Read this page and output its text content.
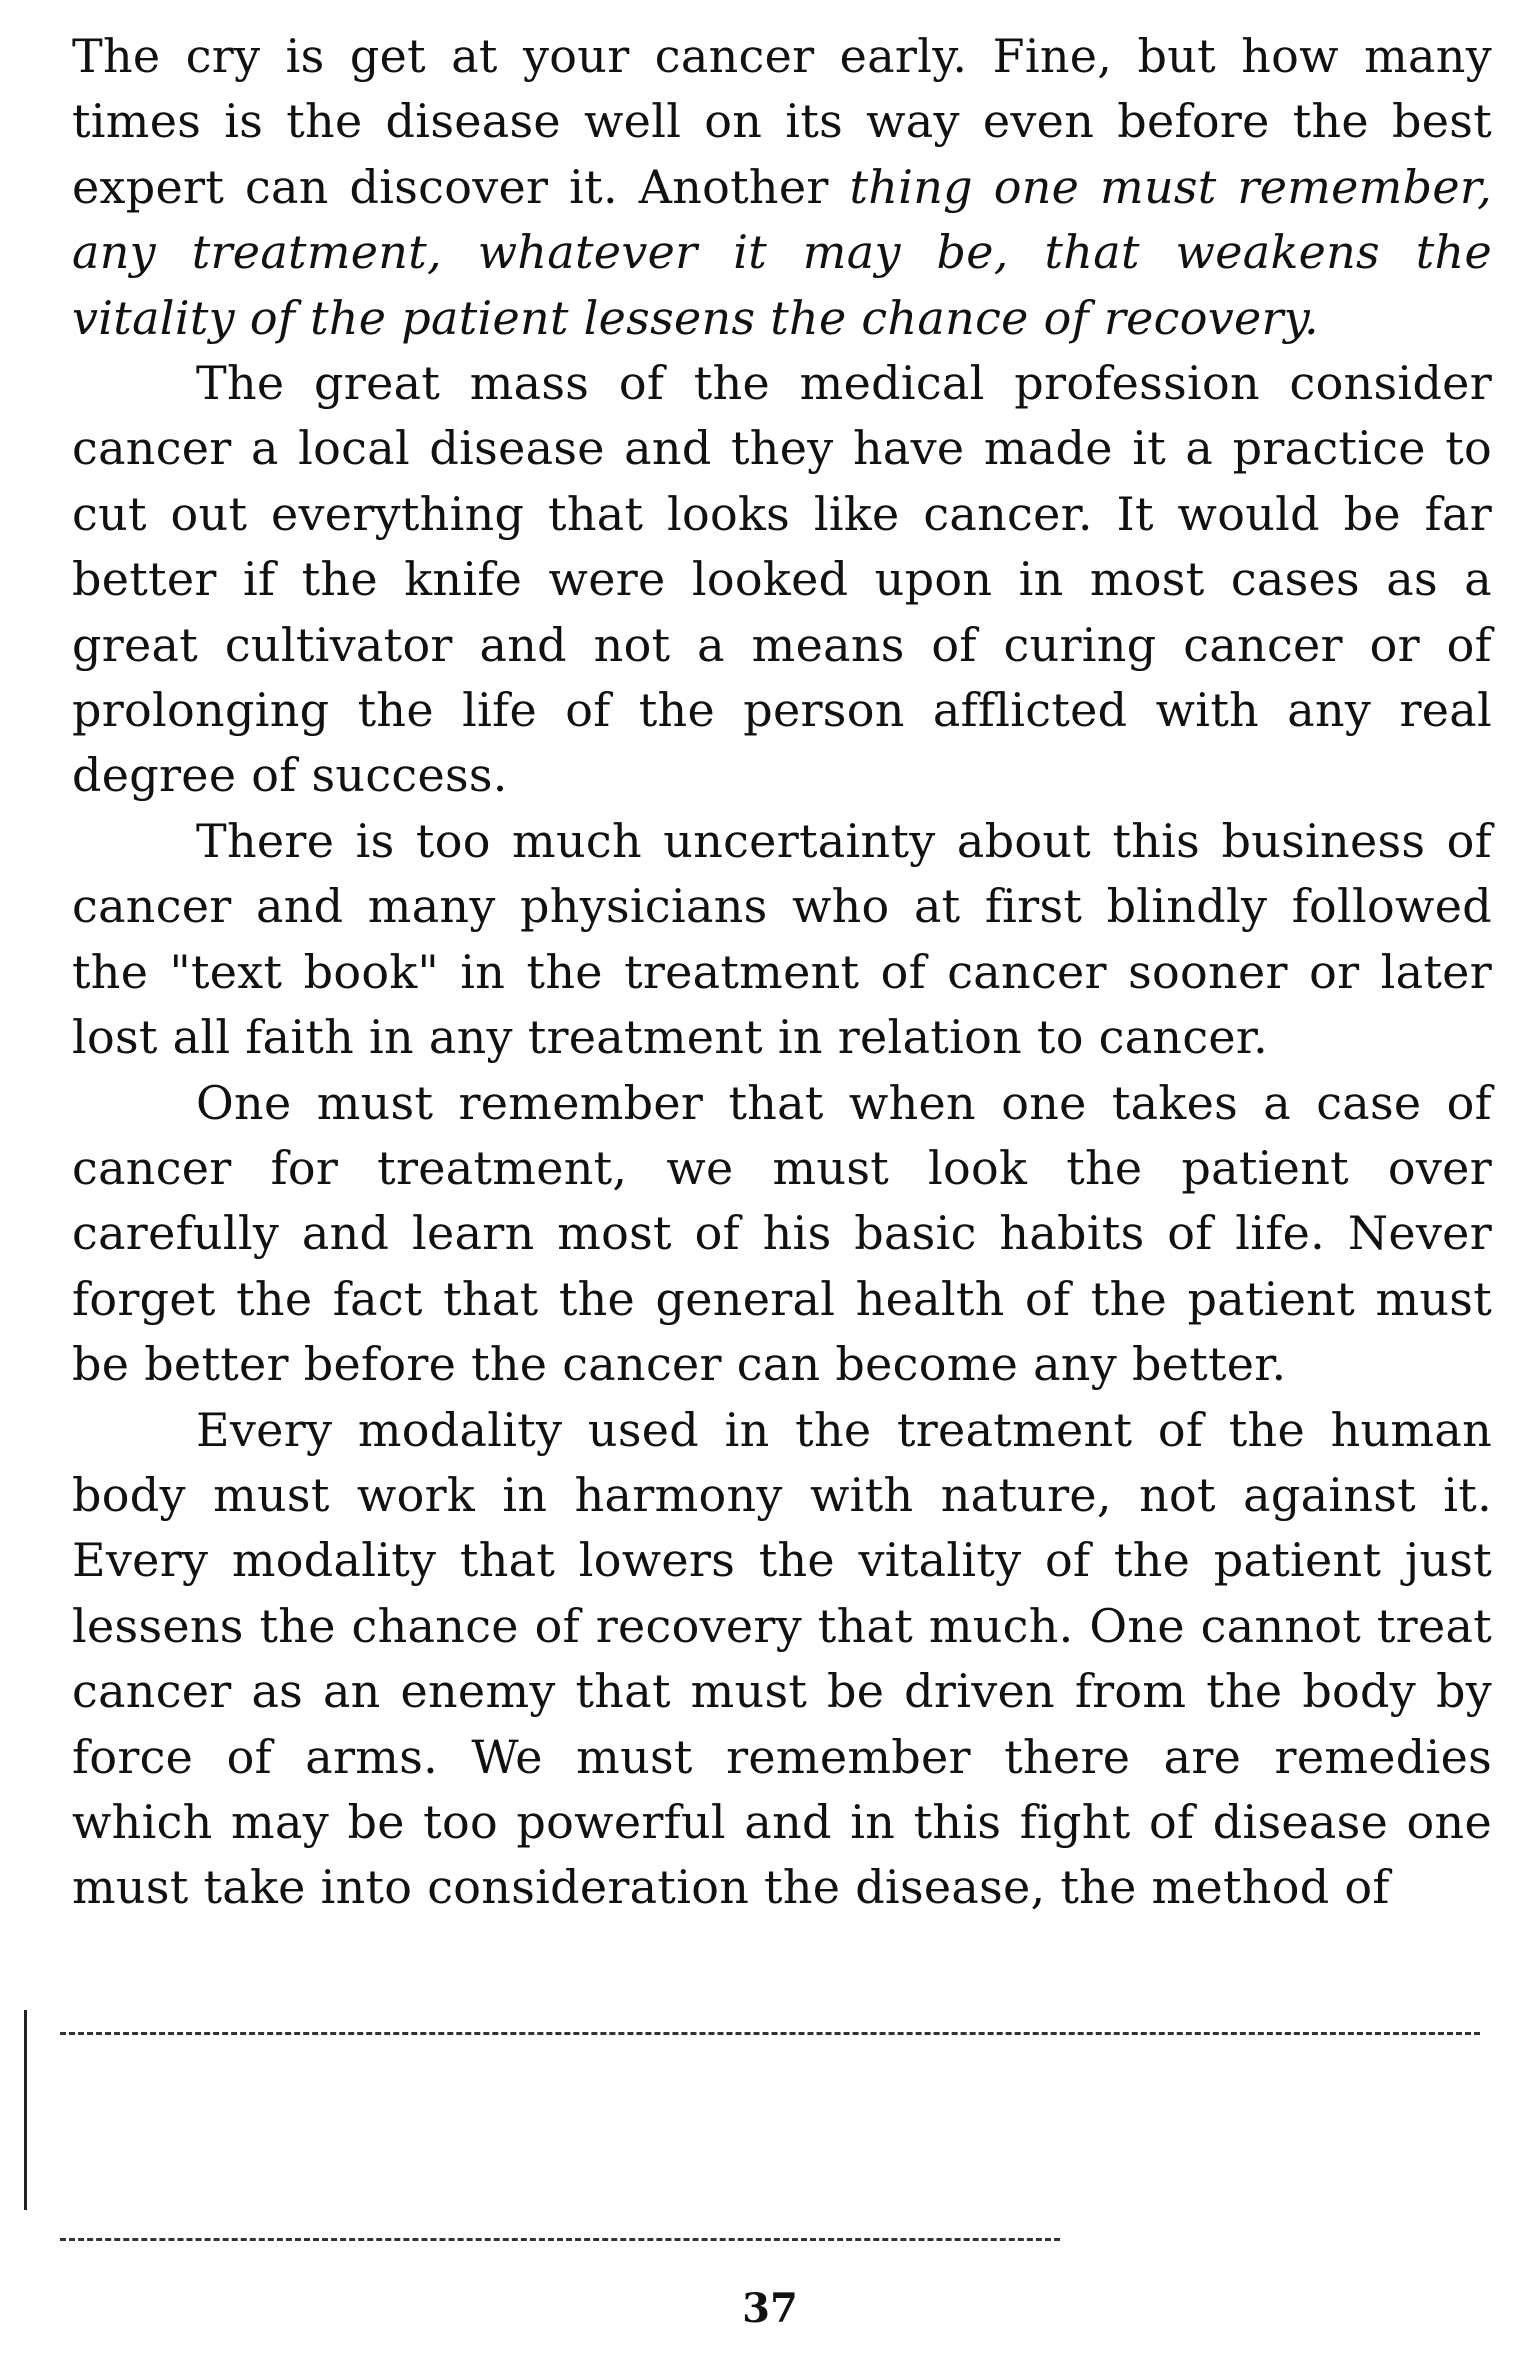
The cry is get at your cancer early. Fine, but how many times is the disease well on its way even before the best expert can discover it. Another thing one must remember, any treatment, whatever it may be, that weakens the vitality of the patient lessens the chance of recovery.

The great mass of the medical profession consider cancer a local disease and they have made it a practice to cut out everything that looks like cancer. It would be far better if the knife were looked upon in most cases as a great cultivator and not a means of curing cancer or of prolonging the life of the person afflicted with any real degree of success.

There is too much uncertainty about this business of cancer and many physicians who at first blindly followed the "text book" in the treatment of cancer sooner or later lost all faith in any treatment in relation to cancer.

One must remember that when one takes a case of cancer for treatment, we must look the patient over carefully and learn most of his basic habits of life. Never forget the fact that the general health of the patient must be better before the cancer can become any better.

Every modality used in the treatment of the human body must work in harmony with nature, not against it. Every modality that lowers the vitality of the patient just lessens the chance of recovery that much. One cannot treat cancer as an enemy that must be driven from the body by force of arms. We must remember there are remedies which may be too powerful and in this fight of disease one must take into consideration the disease, the method of

37
